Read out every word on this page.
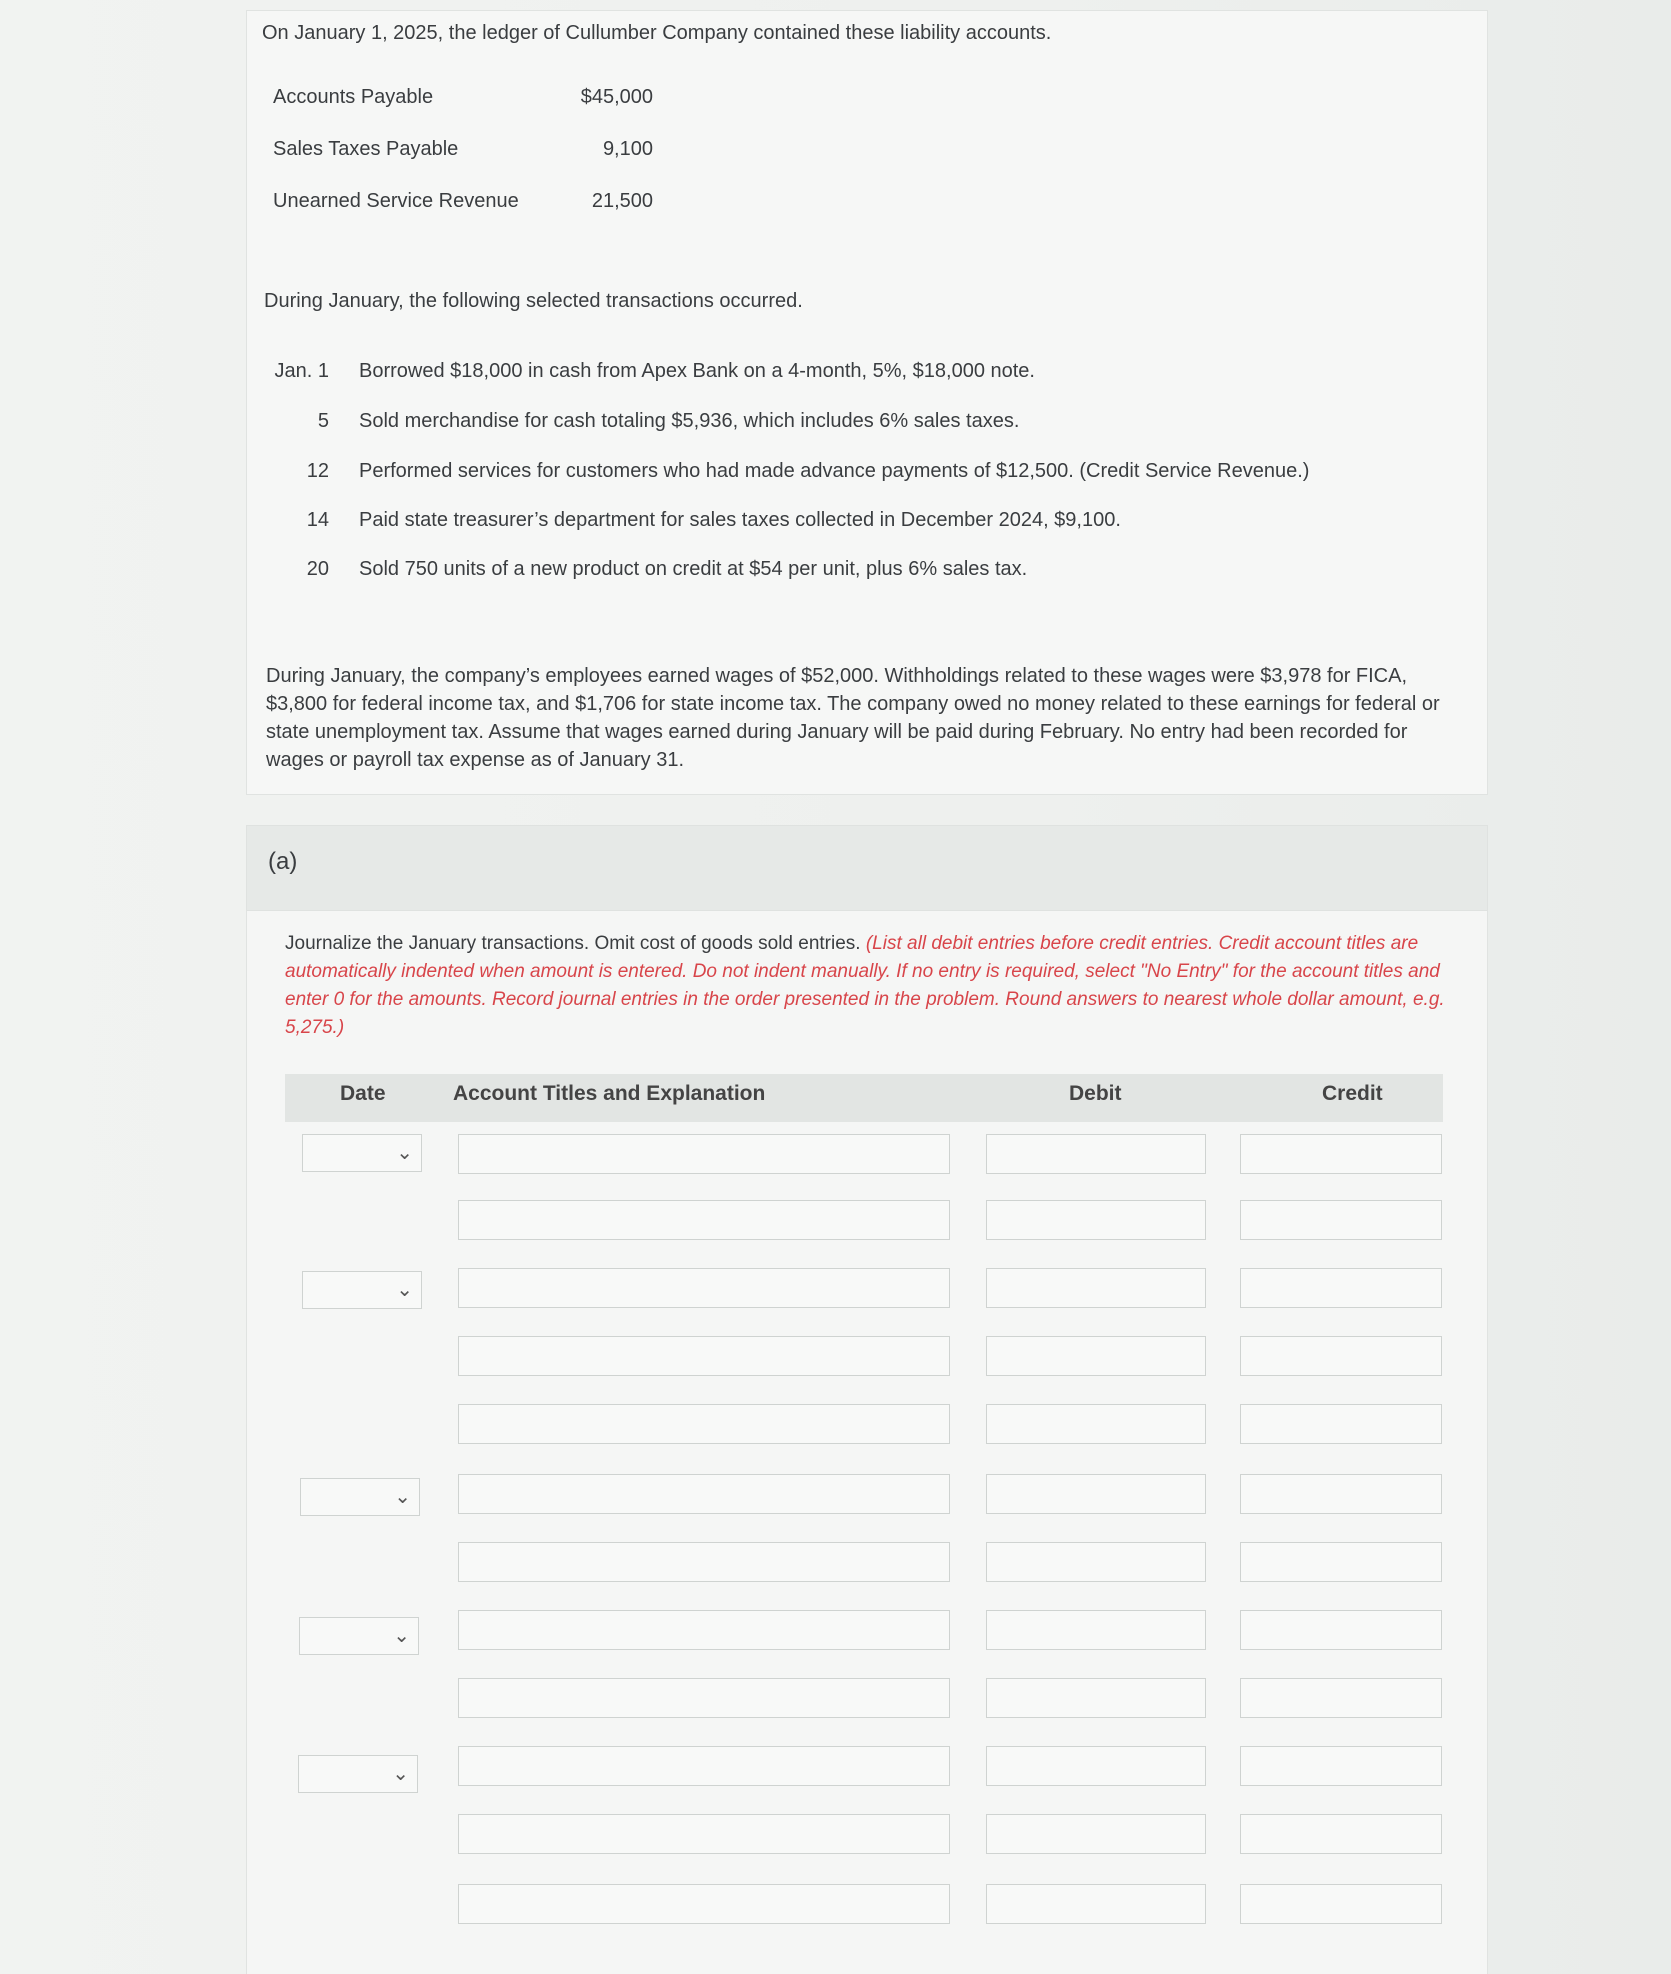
On January 1, 2025, the ledger of Cullumber Company contained these liability accounts.
Accounts Payable	$45,000
Sales Taxes Payable	9,100
Unearned Service Revenue	21,500
During January, the following selected transactions occurred.
Jan. 1 Borrowed $18,000 in cash from Apex Bank on a 4-month, 5%, $18,000 note.
5 Sold merchandise for cash totaling $5,936, which includes 6% sales taxes.
12 Performed services for customers who had made advance payments of $12,500. (Credit Service Revenue.)
14 Paid state treasurer’s department for sales taxes collected in December 2024, $9,100.
20 Sold 750 units of a new product on credit at $54 per unit, plus 6% sales tax.
During January, the company’s employees earned wages of $52,000. Withholdings related to these wages were $3,978 for FICA, $3,800 for federal income tax, and $1,706 for state income tax. The company owed no money related to these earnings for federal or state unemployment tax. Assume that wages earned during January will be paid during February. No entry had been recorded for wages or payroll tax expense as of January 31.
(a)
Journalize the January transactions. Omit cost of goods sold entries. (List all debit entries before credit entries. Credit account titles are automatically indented when amount is entered. Do not indent manually. If no entry is required, select "No Entry" for the account titles and enter 0 for the amounts. Record journal entries in the order presented in the problem. Round answers to nearest whole dollar amount, e.g. 5,275.)
Date	Account Titles and Explanation	Debit	Credit
⌄
⌄
⌄
⌄
⌄
